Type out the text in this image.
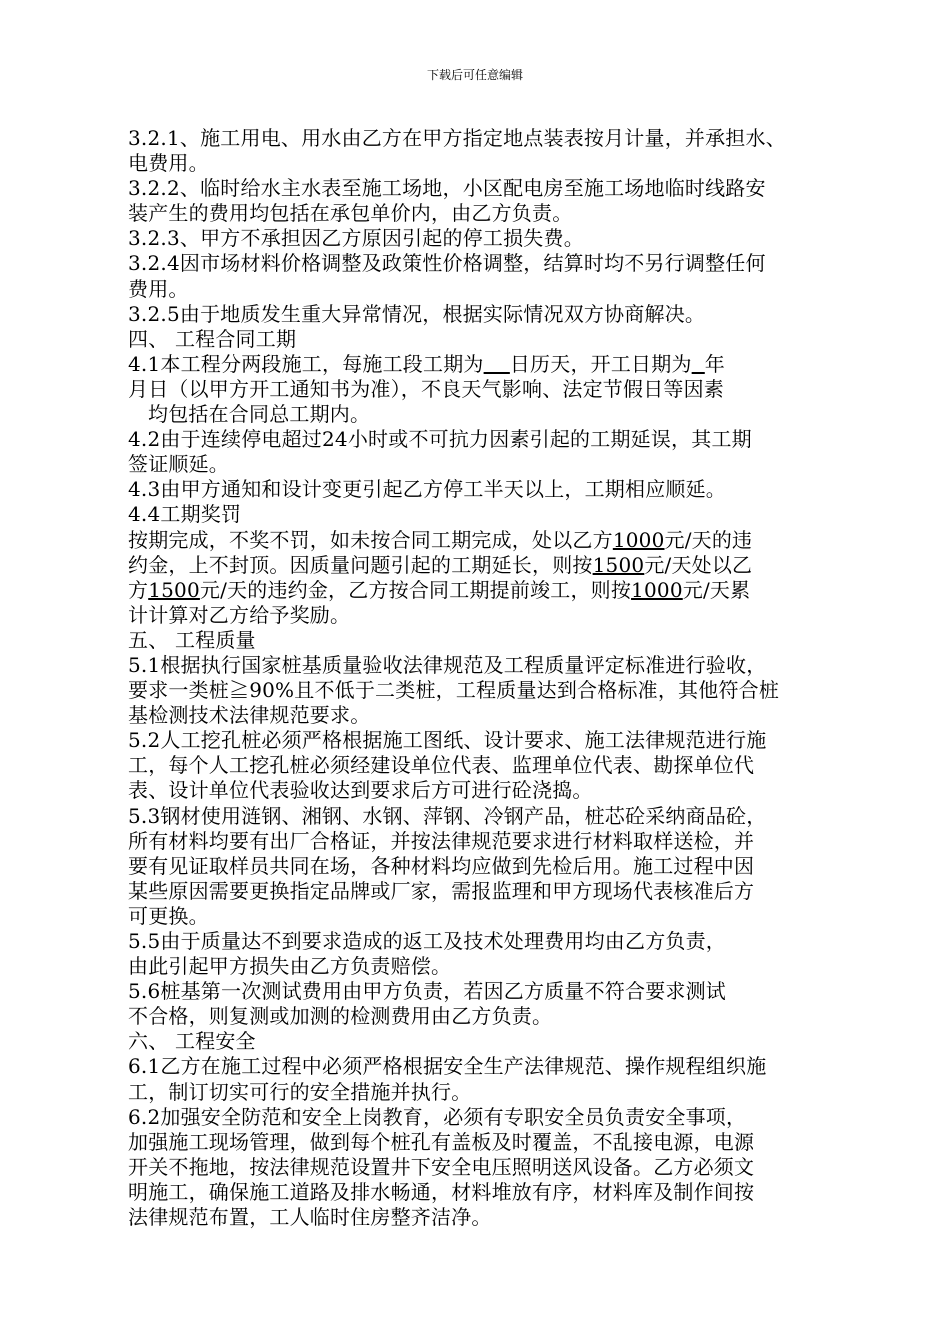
下载后可任意编辑

3.2.1、施工用电、用水由乙方在甲方指定地点装表按月计量，并承担水、

电费用。

3.2.2、临时给水主水表至施工场地，小区配电房至施工场地临时线路安

装产生的费用均包括在承包单价内，由乙方负责。

3.2.3、甲方不承担因乙方原因引起的停工损失费。

3.2.4因市场材料价格调整及政策性价格调整，结算时均不另行调整任何

费用。

3.2.5由于地质发生重大异常情况，根据实际情况双方协商解决。

四、 工程合同工期

4.1本工程分两段施工，每施工段工期为 日历天，开工日期为 年

月日（以甲方开工通知书为准），不良天气影响、法定节假日等因素

均包括在合同总工期内。

4.2由于连续停电超过24小时或不可抗力因素引起的工期延误，其工期

签证顺延。

4.3由甲方通知和设计变更引起乙方停工半天以上，工期相应顺延。

4.4工期奖罚

按期完成，不奖不罚，如未按合同工期完成，处以乙方1000元/天的违

约金，上不封顶。因质量问题引起的工期延长，则按1500元/天处以乙

方1500元/天的违约金，乙方按合同工期提前竣工，则按1000元/天累

计计算对乙方给予奖励。

五、 工程质量

5.1根据执行国家桩基质量验收法律规范及工程质量评定标准进行验收，

要求一类桩≧90%且不低于二类桩，工程质量达到合格标准，其他符合桩

基检测技术法律规范要求。

5.2人工挖孔桩必须严格根据施工图纸、设计要求、施工法律规范进行施

工，每个人工挖孔桩必须经建设单位代表、监理单位代表、勘探单位代

表、设计单位代表验收达到要求后方可进行砼浇捣。

5.3钢材使用涟钢、湘钢、水钢、萍钢、冷钢产品，桩芯砼采纳商品砼，

所有材料均要有出厂合格证，并按法律规范要求进行材料取样送检，并

要有见证取样员共同在场，各种材料均应做到先检后用。施工过程中因

某些原因需要更换指定品牌或厂家，需报监理和甲方现场代表核准后方

可更换。

5.5由于质量达不到要求造成的返工及技术处理费用均由乙方负责，

由此引起甲方损失由乙方负责赔偿。

5.6桩基第一次测试费用由甲方负责，若因乙方质量不符合要求测试

不合格，则复测或加测的检测费用由乙方负责。

六、 工程安全

6.1乙方在施工过程中必须严格根据安全生产法律规范、操作规程组织施

工，制订切实可行的安全措施并执行。

6.2加强安全防范和安全上岗教育，必须有专职安全员负责安全事项，

加强施工现场管理，做到每个桩孔有盖板及时覆盖，不乱接电源，电源

开关不拖地，按法律规范设置井下安全电压照明送风设备。乙方必须文

明施工，确保施工道路及排水畅通，材料堆放有序，材料库及制作间按

法律规范布置，工人临时住房整齐洁净。
